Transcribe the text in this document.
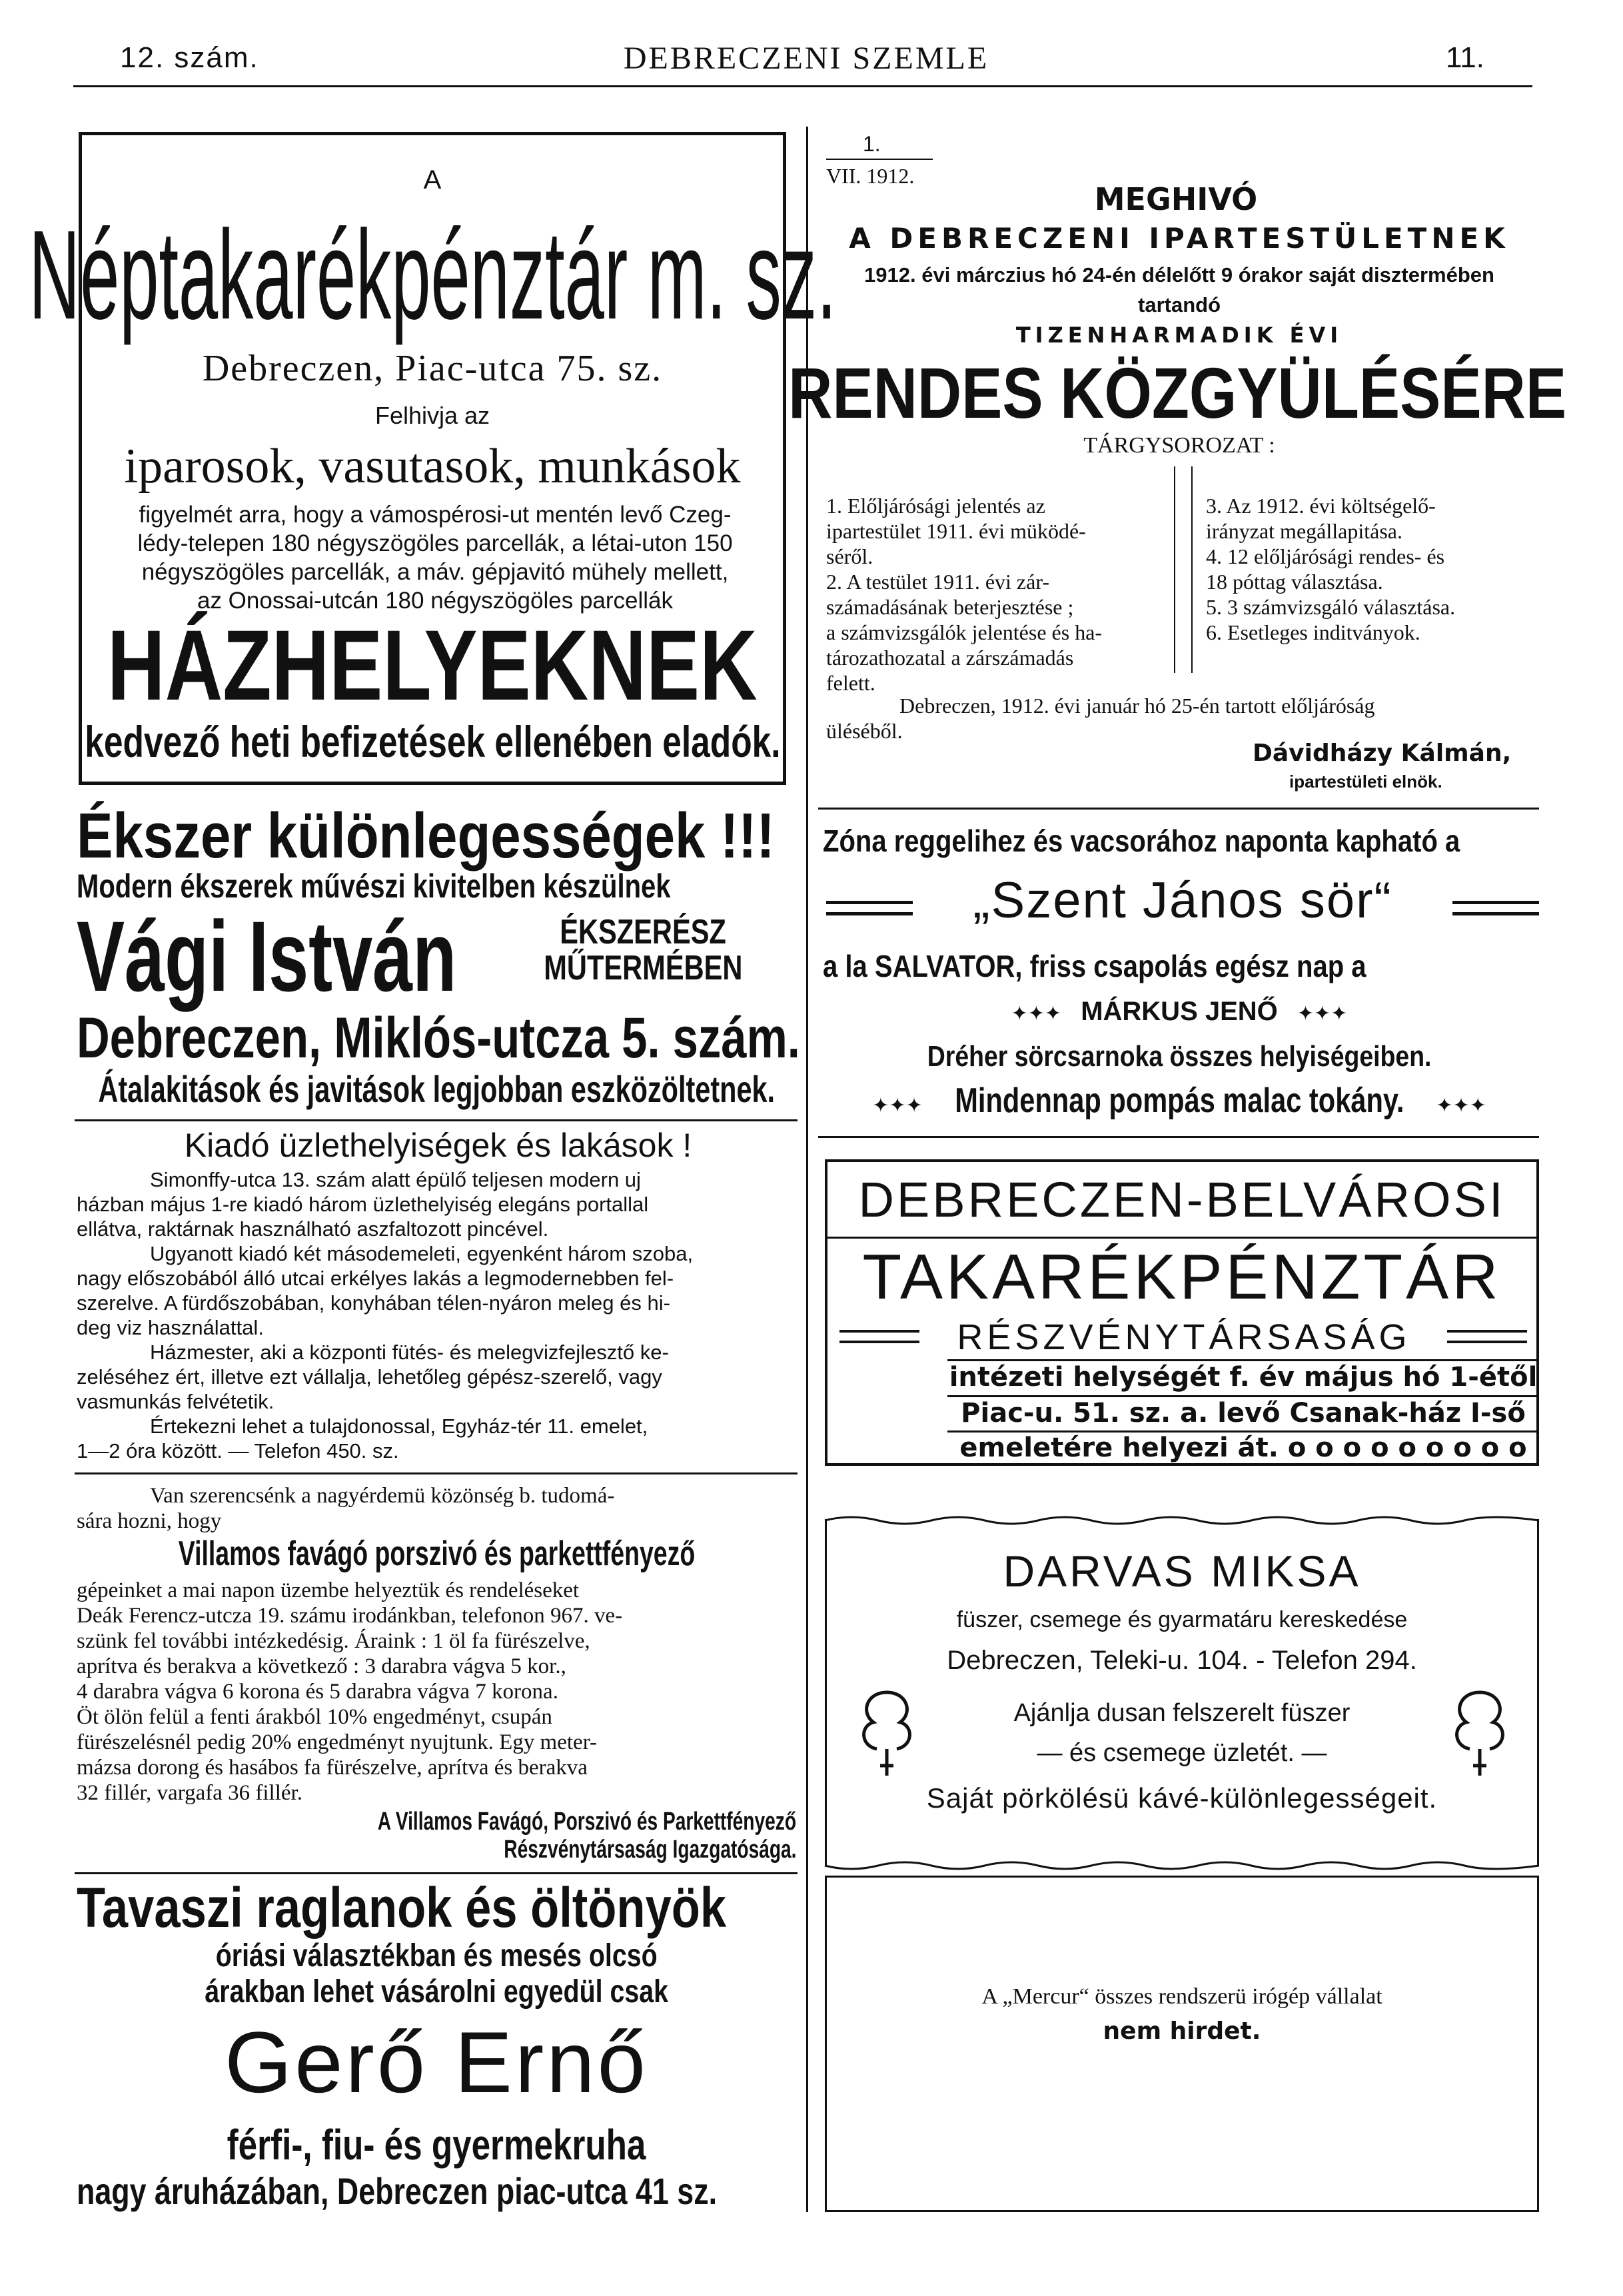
12. szám.	DEBRECZENI SZEMLE	11.
A
Néptakarékpénztár m. sz.
Debreczen, Piac-utca 75. sz.
Felhivja az
iparosok, vasutasok, munkások

figyelmét arra, hogy a vámospérosi-ut mentén levő Czeg-

lédy-telepen 180 négyszögöles parcellák, a létai-uton 150

négyszögöles parcellák, a máv. gépjavitó mühely mellett,

az Onossai-utcán 180 négyszögöles parcellák

HÁZHELYEKNEK
kedvező heti befizetések ellenében eladók.
1.
VII. 1912.
MEGHIVÓ
A DEBRECZENI IPARTESTÜLETNEK
1912. évi márczius hó 24-én délelőtt 9 órakor saját disztermében
tartandó
TIZENHARMADIK ÉVI
RENDES KÖZGYÜLÉSÉRE
TÁRGYSOROZAT :

1. Előljárósági jelentés az

ipartestület 1911. évi müködé-

séről.

2. A testület 1911. évi zár-

számadásának beterjesztése ;

a számvizsgálók jelentése és ha-

tározathozatal a zárszámadás

felett.

3. Az 1912. évi költségelő-

irányzat megállapitása.

4. 12 előljárósági rendes- és

18 póttag választása.

5. 3 számvizsgáló választása.

6. Esetleges inditványok.

Debreczen, 1912. évi január hó 25-én tartott előljáróság

üléséből.

Dávidházy Kálmán,
ipartestületi elnök.
Ékszer különlegességek !!!
Modern ékszerek művészi kivitelben készülnek
Vági István	ÉKSZERÉSZ
MŰTERMÉBEN
Debreczen, Miklós-utcza 5. szám.
Átalakitások és javitások legjobban eszközöltetnek.
Zóna reggelihez és vacsorához naponta kapható a
„Szent János sör“
a la SALVATOR, friss csapolás egész nap a
✦✦✦ MÁRKUS JENŐ ✦✦✦
Dréher sörcsarnoka összes helyiségeiben.
✦✦✦ Mindennap pompás malac tokány. ✦✦✦
DEBRECZEN-BELVÁROSI
TAKARÉKPÉNZTÁR
RÉSZVÉNYTÁRSASÁG
intézeti helységét f. év május hó 1-étől
Piac-u. 51. sz. a. levő Csanak-ház I-ső
emeletére helyezi át. o o o o o o o o o
Kiadó üzlethelyiségek és lakások !

Simonffy-utca 13. szám alatt épülő teljesen modern uj

házban május 1-re kiadó három üzlethelyiség elegáns portallal

ellátva, raktárnak használható aszfaltozott pincével.

Ugyanott kiadó két másodemeleti, egyenként három szoba,

nagy előszobából álló utcai erkélyes lakás a legmodernebben fel-

szerelve. A fürdőszobában, konyhában télen-nyáron meleg és hi-

deg viz használattal.

Házmester, aki a központi fütés- és melegvizfejlesztő ke-

zeléséhez ért, illetve ezt vállalja, lehetőleg gépész-szerelő, vagy

vasmunkás felvétetik.

Értekezni lehet a tulajdonossal, Egyház-tér 11. emelet,

1—2 óra között. — Telefon 450. sz.

Van szerencsénk a nagyérdemü közönség b. tudomá-

sára hozni, hogy

Villamos favágó porszivó és parkettfényező

gépeinket a mai napon üzembe helyeztük és rendeléseket

Deák Ferencz-utcza 19. számu irodánkban, telefonon 967. ve-

szünk fel további intézkedésig. Áraink : 1 öl fa fürészelve,

aprítva és berakva a következő : 3 darabra vágva 5 kor.,

4 darabra vágva 6 korona és 5 darabra vágva 7 korona.

Öt ölön felül a fenti árakból 10% engedményt, csupán

fürészelésnél pedig 20% engedményt nyujtunk. Egy meter-

mázsa dorong és hasábos fa fürészelve, aprítva és berakva

32 fillér, vargafa 36 fillér.

A Villamos Favágó, Porszivó és Parkettfényező
Részvénytársaság Igazgatósága.
DARVAS MIKSA
füszer, csemege és gyarmatáru kereskedése
Debreczen, Teleki-u. 104. - Telefon 294.
Ajánlja dusan felszerelt füszer
— és csemege üzletét. —
Saját pörkölésü kávé-különlegességeit.
Tavaszi raglanok és öltönyök
óriási választékban és mesés olcsó
árakban lehet vásárolni egyedül csak
Gerő Ernő
férfi-, fiu- és gyermekruha
nagy áruházában, Debreczen piac-utca 41 sz.
A „Mercur“ összes rendszerü irógép vállalat
nem hirdet.
